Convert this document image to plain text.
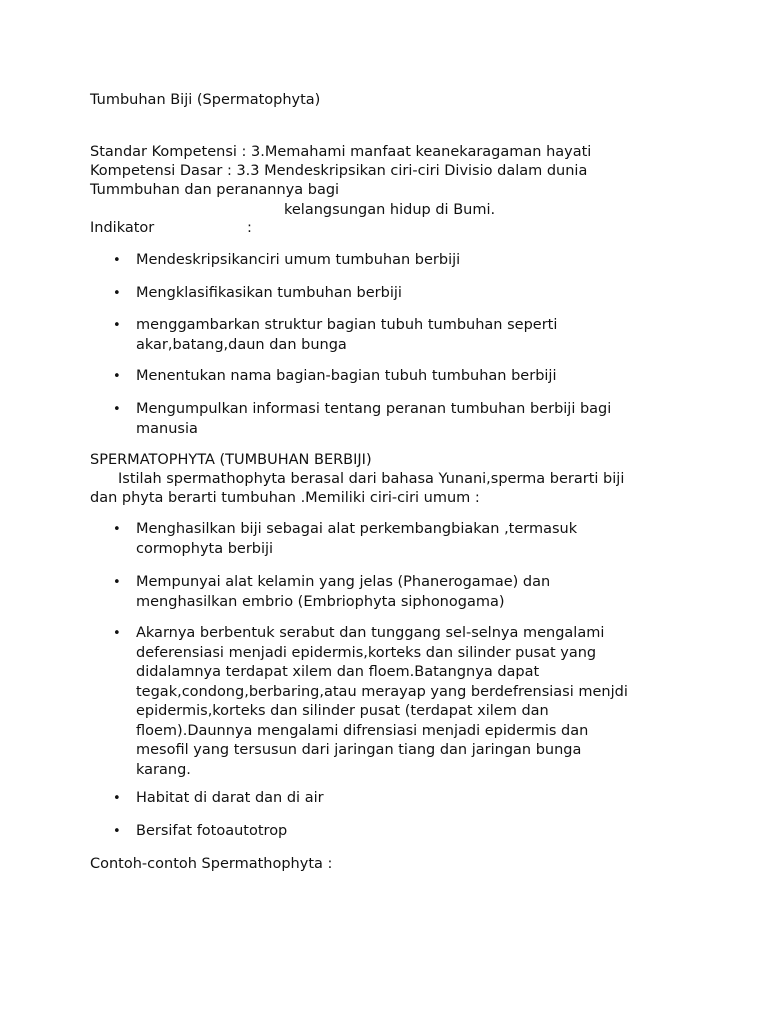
Tumbuhan Biji (Spermatophyta)
Standar Kompetensi : 3.Memahami manfaat keanekaragaman hayati
Kompetensi Dasar : 3.3 Mendeskripsikan ciri-ciri Divisio dalam dunia
Tummbuhan dan peranannya bagi
kelangsungan hidup di Bumi.
Indikator	:
• Mendeskripsikanciri umum tumbuhan berbiji
• Mengklasifikasikan tumbuhan berbiji
• menggambarkan struktur bagian tubuh tumbuhan seperti
akar,batang,daun dan bunga
• Menentukan nama bagian-bagian tubuh tumbuhan berbiji
• Mengumpulkan informasi tentang peranan tumbuhan berbiji bagi
manusia
SPERMATOPHYTA (TUMBUHAN BERBIJI)
Istilah spermathophyta berasal dari bahasa Yunani,sperma berarti biji
dan phyta berarti tumbuhan .Memiliki ciri-ciri umum :
• Menghasilkan biji sebagai alat perkembangbiakan ,termasuk
cormophyta berbiji
• Mempunyai alat kelamin yang jelas (Phanerogamae) dan
menghasilkan embrio (Embriophyta siphonogama)
• Akarnya berbentuk serabut dan tunggang sel-selnya mengalami
deferensiasi menjadi epidermis,korteks dan silinder pusat yang
didalamnya terdapat xilem dan floem.Batangnya dapat
tegak,condong,berbaring,atau merayap yang berdefrensiasi menjdi
epidermis,korteks dan silinder pusat (terdapat xilem dan
floem).Daunnya mengalami difrensiasi menjadi epidermis dan
mesofil yang tersusun dari jaringan tiang dan jaringan bunga
karang.
• Habitat di darat dan di air
• Bersifat fotoautotrop
Contoh-contoh Spermathophyta :
